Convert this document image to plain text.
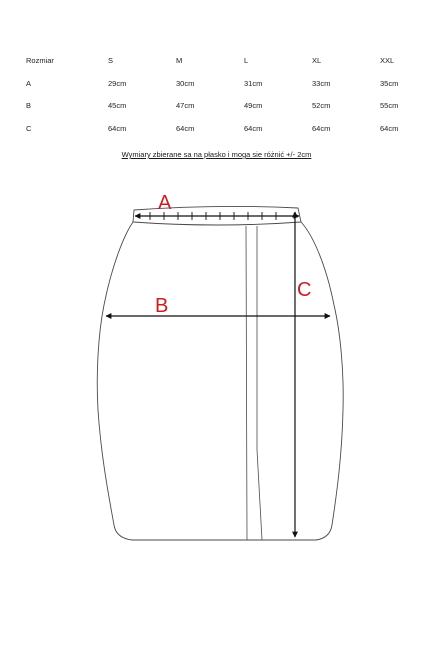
Rozmiar	S	M	L	XL	XXL
A	29cm	30cm	31cm	33cm	35cm
B	45cm	47cm	49cm	52cm	55cm
C	64cm	64cm	64cm	64cm	64cm
Wymiary zbierane sa na płasko i moga sie różnić +/- 2cm
A
C
B
